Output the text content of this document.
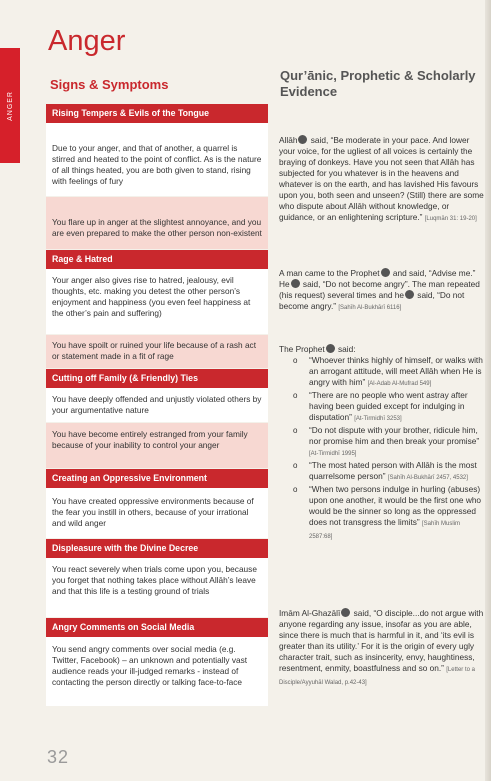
ANGER
Anger
Signs & Symptoms
Qur’ānic, Prophetic & Scholarly Evidence
Rising Tempers & Evils of the Tongue
Due to your anger, and that of another, a quarrel is stirred and heated to the point of conflict. As is the nature of all things heated, you are both given to stand, rising with feelings of fury
You flare up in anger at the slightest annoyance, and you are even prepared to make the other person non-existent
Rage & Hatred
Your anger also gives rise to hatred, jealousy, evil thoughts, etc. making you detest the other person’s enjoyment and happiness (you even feel happiness at the other’s pain and suffering)
You have spoilt or ruined your life because of a rash act or statement made in a fit of rage
Cutting off Family (& Friendly) Ties
You have deeply offended and unjustly violated others by your argumentative nature
You have become entirely estranged from your family because of your inability to control your anger
Creating an Oppressive Environment
You have created oppressive environments because of the fear you instill in others, because of your irrational and wild anger
Displeasure with the Divine Decree
You react severely when trials come upon you, because you forget that nothing takes place without Allāh’s leave and that this life is a testing ground of trials
Angry Comments on Social Media
You send angry comments over social media (e.g. Twitter, Facebook) – an unknown and potentially vast audience reads your ill-judged remarks - instead of contacting the person directly or talking face-to-face

Allāh said, “Be moderate in your pace. And lower your voice, for the ugliest of all voices is certainly the braying of donkeys. Have you not seen that Allāh has subjected for you whatever is in the heavens and whatever is on the earth, and has lavished His favours upon you, both seen and unseen? (Still) there are some who dispute about Allāh without knowledge, or guidance, or an enlightening scripture.” [Luqmān 31: 19-20]

A man came to the Prophet and said, “Advise me.” He said, “Do not become angry”. The man repeated (his request) several times and he said, “Do not become angry.” [Sahīh Al-Bukhārī 6116]

The Prophet said:
o “Whoever thinks highly of himself, or walks with an arrogant attitude, will meet Allāh when He is angry with him” [Al-Adab Al-Mufrad 549]
o “There are no people who went astray after having been guided except for indulging in disputation” [At-Tirmidhī 3253]
o “Do not dispute with your brother, ridicule him, nor promise him and then break your promise” [At-Tirmidhī 1995]
o “The most hated person with Allāh is the most quarrelsome person” [Sahīh Al-Bukhārī 2457, 4532]
o “When two persons indulge in hurling (abuses) upon one another, it would be the first one who would be the sinner so long as the oppressed does not transgress the limits” [Sahīh Muslim 2587:68]

Imām Al-Ghazālī said, “O disciple...do not argue with anyone regarding any issue, insofar as you are able, since there is much that is harmful in it, and ‘its evil is greater than its utility.’ For it is the origin of every ugly character trait, such as insincerity, envy, haughtiness, resentment, enmity, boastfulness and so on.” [Letter to a Disciple/Ayyuhāl Walad, p.42-43]

32
